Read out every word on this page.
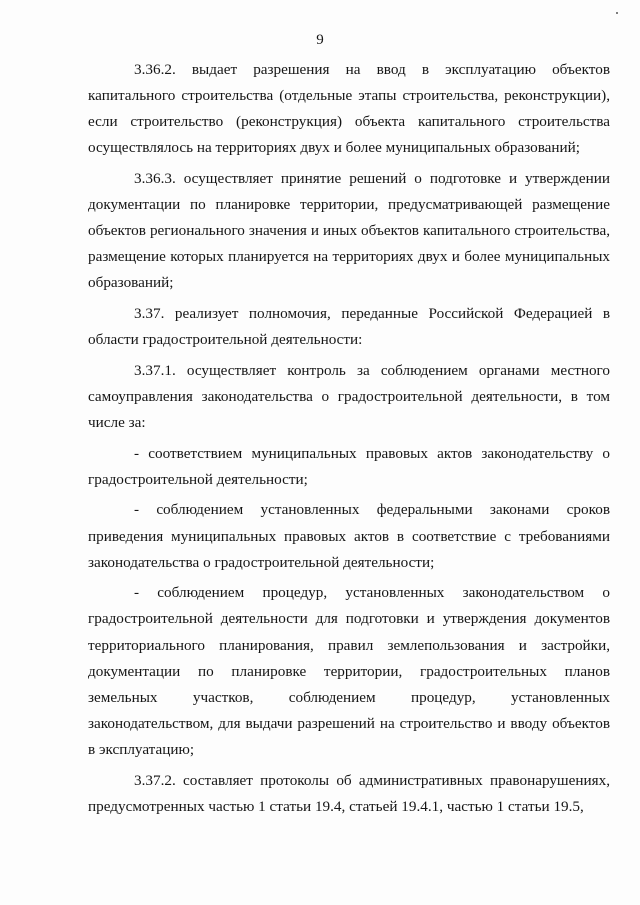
9

3.36.2. выдает разрешения на ввод в эксплуатацию объектов капитального строительства (отдельные этапы строительства, реконструкции), если строительство (реконструкция) объекта капитального строительства осуществлялось на территориях двух и более муниципальных образований;

3.36.3. осуществляет принятие решений о подготовке и утверждении документации по планировке территории, предусматривающей размещение объектов регионального значения и иных объектов капитального строительства, размещение которых планируется на территориях двух и более муниципальных образований;

3.37. реализует полномочия, переданные Российской Федерацией в области градостроительной деятельности:

3.37.1. осуществляет контроль за соблюдением органами местного самоуправления законодательства о градостроительной деятельности, в том числе за:

- соответствием муниципальных правовых актов законодательству о градостроительной деятельности;

- соблюдением установленных федеральными законами сроков приведения муниципальных правовых актов в соответствие с требованиями законодательства о градостроительной деятельности;

- соблюдением процедур, установленных законодательством о градостроительной деятельности для подготовки и утверждения документов территориального планирования, правил землепользования и застройки, документации по планировке территории, градостроительных планов земельных участков, соблюдением процедур, установленных законодательством, для выдачи разрешений на строительство и вводу объектов в эксплуатацию;

3.37.2. составляет протоколы об административных правонарушениях, предусмотренных частью 1 статьи 19.4, статьей 19.4.1, частью 1 статьи 19.5,
